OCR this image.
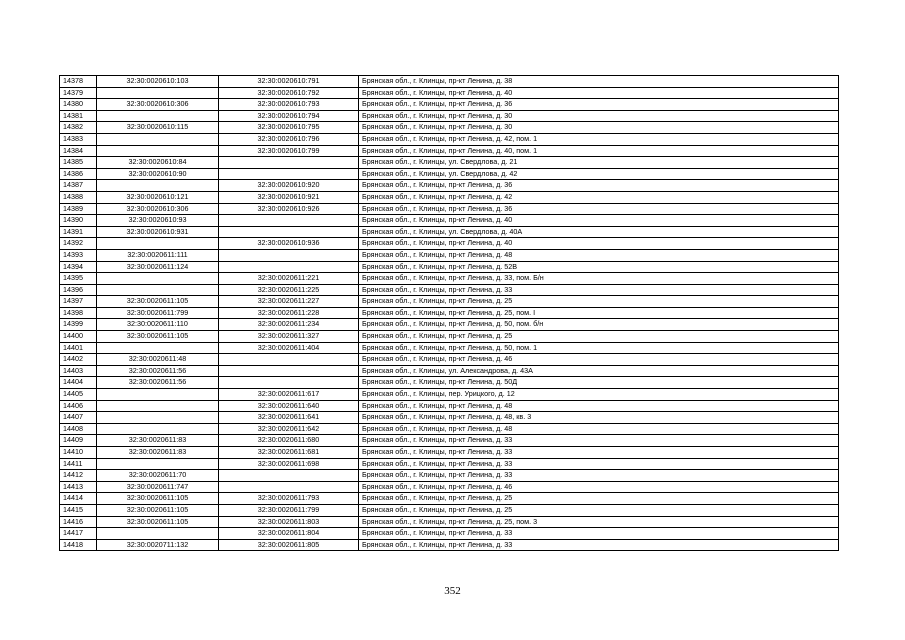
14378	32:30:0020610:103	32:30:0020610:791	Брянская обл., г. Клинцы, пр-кт Ленина, д. 38
14379		32:30:0020610:792	Брянская обл., г. Клинцы, пр-кт Ленина, д. 40
14380	32:30:0020610:306	32:30:0020610:793	Брянская обл., г. Клинцы, пр-кт Ленина, д. 36
14381		32:30:0020610:794	Брянская обл., г. Клинцы, пр-кт Ленина, д. 30
14382	32:30:0020610:115	32:30:0020610:795	Брянская обл., г. Клинцы, пр-кт Ленина, д. 30
14383		32:30:0020610:796	Брянская обл., г. Клинцы, пр-кт Ленина, д. 42, пом. 1
14384		32:30:0020610:799	Брянская обл., г. Клинцы, пр-кт Ленина, д. 40, пом. 1
14385	32:30:0020610:84		Брянская обл., г. Клинцы, ул. Свердлова, д. 21
14386	32:30:0020610:90		Брянская обл., г. Клинцы, ул. Свердлова, д. 42
14387		32:30:0020610:920	Брянская обл., г. Клинцы, пр-кт Ленина, д. 36
14388	32:30:0020610:121	32:30:0020610:921	Брянская обл., г. Клинцы, пр-кт Ленина, д. 42
14389	32:30:0020610:306	32:30:0020610:926	Брянская обл., г. Клинцы, пр-кт Ленина, д. 36
14390	32:30:0020610:93		Брянская обл., г. Клинцы, пр-кт Ленина, д. 40
14391	32:30:0020610:931		Брянская обл., г. Клинцы, ул. Свердлова, д. 40А
14392		32:30:0020610:936	Брянская обл., г. Клинцы, пр-кт Ленина, д. 40
14393	32:30:0020611:111		Брянская обл., г. Клинцы, пр-кт Ленина, д. 48
14394	32:30:0020611:124		Брянская обл., г. Клинцы, пр-кт Ленина, д. 52В
14395		32:30:0020611:221	Брянская обл., г. Клинцы, пр-кт Ленина, д. 33, пом. Б/н
14396		32:30:0020611:225	Брянская обл., г. Клинцы, пр-кт Ленина, д. 33
14397	32:30:0020611:105	32:30:0020611:227	Брянская обл., г. Клинцы, пр-кт Ленина, д. 25
14398	32:30:0020611:799	32:30:0020611:228	Брянская обл., г. Клинцы, пр-кт Ленина, д. 25, пом. I
14399	32:30:0020611:110	32:30:0020611:234	Брянская обл., г. Клинцы, пр-кт Ленина, д. 50, пом. б/н
14400	32:30:0020611:105	32:30:0020611:327	Брянская обл., г. Клинцы, пр-кт Ленина, д. 25
14401		32:30:0020611:404	Брянская обл., г. Клинцы, пр-кт Ленина, д. 50, пом. 1
14402	32:30:0020611:48		Брянская обл., г. Клинцы, пр-кт Ленина, д. 46
14403	32:30:0020611:56		Брянская обл., г. Клинцы, ул. Александрова, д. 43А
14404	32:30:0020611:56		Брянская обл., г. Клинцы, пр-кт Ленина, д. 50Д
14405		32:30:0020611:617	Брянская обл., г. Клинцы, пер. Урицкого, д. 12
14406		32:30:0020611:640	Брянская обл., г. Клинцы, пр-кт Ленина, д. 48
14407		32:30:0020611:641	Брянская обл., г. Клинцы, пр-кт Ленина, д. 48, кв. 3
14408		32:30:0020611:642	Брянская обл., г. Клинцы, пр-кт Ленина, д. 48
14409	32:30:0020611:83	32:30:0020611:680	Брянская обл., г. Клинцы, пр-кт Ленина, д. 33
14410	32:30:0020611:83	32:30:0020611:681	Брянская обл., г. Клинцы, пр-кт Ленина, д. 33
14411		32:30:0020611:698	Брянская обл., г. Клинцы, пр-кт Ленина, д. 33
14412	32:30:0020611:70		Брянская обл., г. Клинцы, пр-кт Ленина, д. 33
14413	32:30:0020611:747		Брянская обл., г. Клинцы, пр-кт Ленина, д. 46
14414	32:30:0020611:105	32:30:0020611:793	Брянская обл., г. Клинцы, пр-кт Ленина, д. 25
14415	32:30:0020611:105	32:30:0020611:799	Брянская обл., г. Клинцы, пр-кт Ленина, д. 25
14416	32:30:0020611:105	32:30:0020611:803	Брянская обл., г. Клинцы, пр-кт Ленина, д. 25, пом. 3
14417		32:30:0020611:804	Брянская обл., г. Клинцы, пр-кт Ленина, д. 33
14418	32:30:0020711:132	32:30:0020611:805	Брянская обл., г. Клинцы, пр-кт Ленина, д. 33
352
